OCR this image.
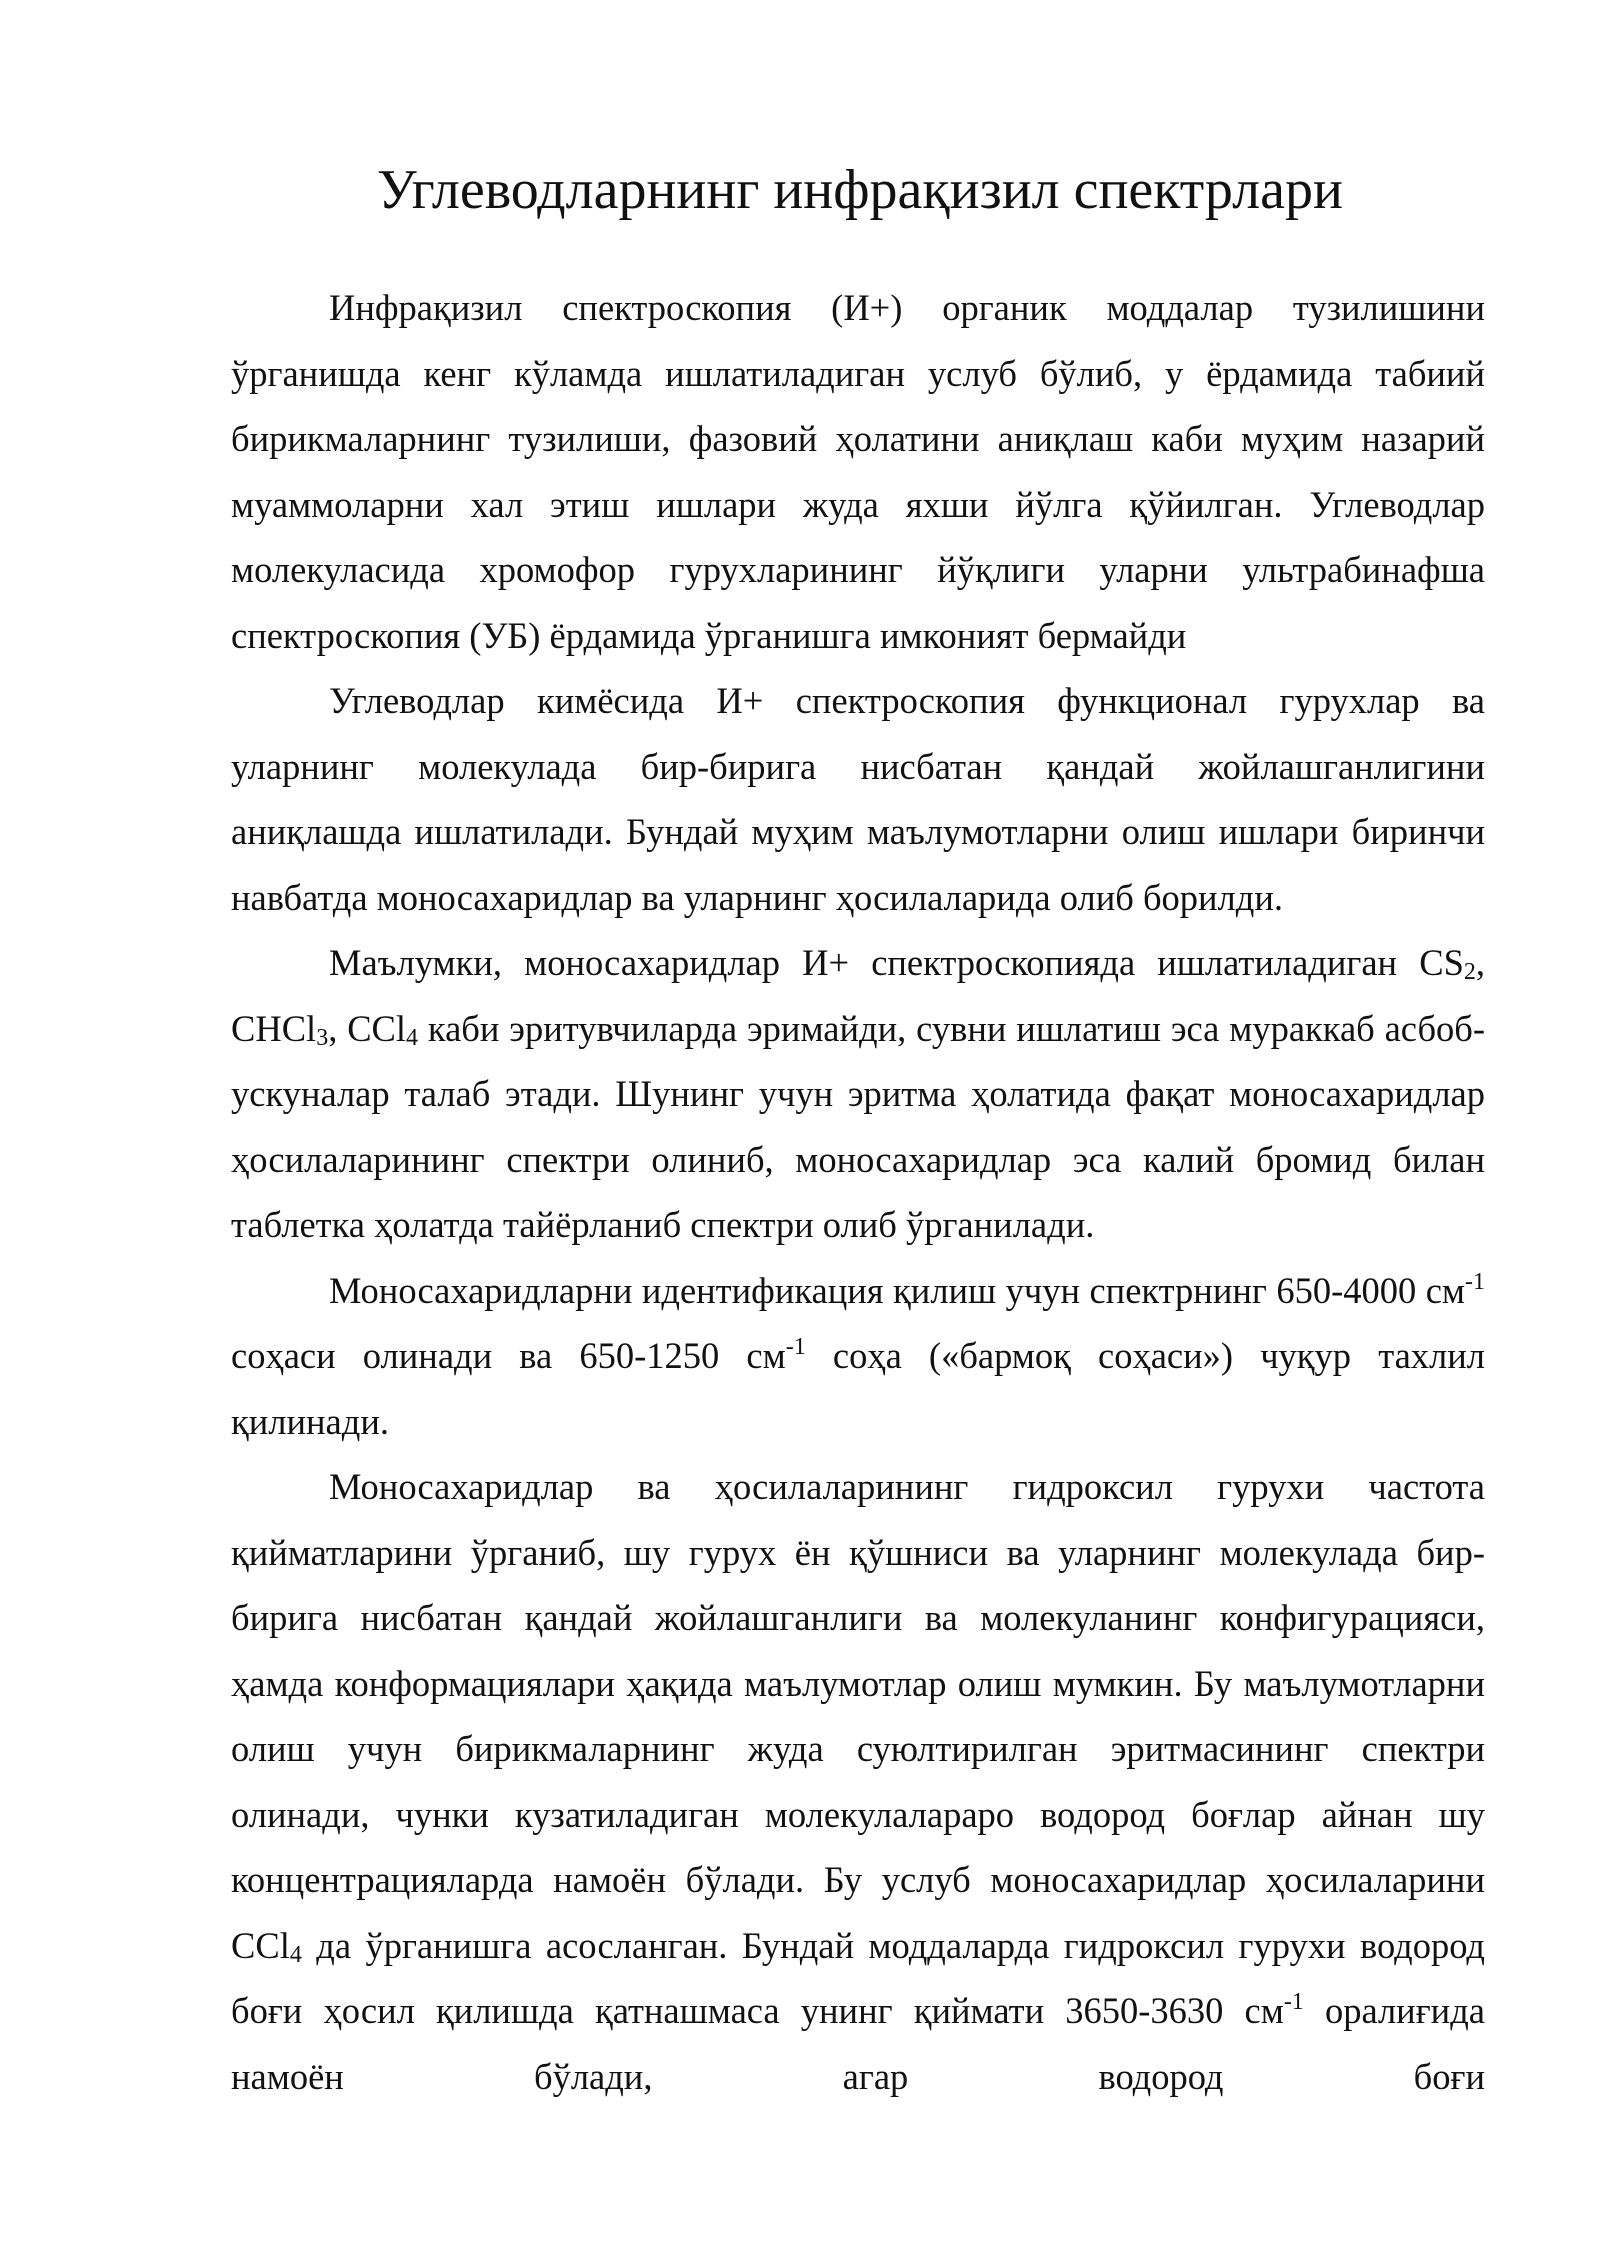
Углеводларнинг инфрақизил спектрлари

Инфрақизил спектроскопия (И+) органик моддалар тузилишини ўрганишда кенг кўламда ишлатиладиган услуб бўлиб, у ёрдамида табиий бирикмаларнинг тузилиши, фазовий ҳолатини аниқлаш каби муҳим назарий муаммоларни хал этиш ишлари жуда яхши йўлга қўйилган. Углеводлар молекуласида хромофор гурухларининг йўқлиги уларни ультрабинафша спектроскопия (УБ) ёрдамида ўрганишга имконият бермайди

Углеводлар кимёсида И+ спектроскопия функционал гурухлар ва уларнинг молекулада бир-бирига нисбатан қандай жойлашганлигини аниқлашда ишлатилади. Бундай муҳим маълумотларни олиш ишлари биринчи навбатда моносахаридлар ва уларнинг ҳосилаларида олиб борилди.

Маълумки, моносахаридлар И+ спектроскопияда ишлатиладиган $CS_2$, CHCl$_3$, CCl$_4$ каби эритувчиларда эримайди, сувни ишлатиш эса мураккаб асбоб-ускуналар талаб этади. Шунинг учун эритма ҳолатида фақат моносахаридлар ҳосилаларининг спектри олиниб, моносахаридлар эса калий бромид билан таблетка ҳолатда тайёрланиб спектри олиб ўрганилади.

Моносахаридларни идентификация қилиш учун спектрнинг 650-4000 $см^{-1}$ соҳаси олинади ва 650-1250 $см^{-1}$ соҳа («бармоқ соҳаси») чуқур тахлил қилинади.

Моносахаридлар ва ҳосилаларининг гидроксил гурухи частота қийматларини ўрганиб, шу гурух ён қўшниси ва уларнинг молекулада бир-бирига нисбатан қандай жойлашганлиги ва молекуланинг конфигурацияси, ҳамда конформациялари ҳақида маълумотлар олиш мумкин. Бу маълумотларни олиш учун бирикмаларнинг жуда суюлтирилган эритмасининг спектри олинади, чунки кузатиладиган молекулалараро водород боғлар айнан шу концентрацияларда намоён бўлади. Бу услуб моносахаридлар ҳосилаларини CCl$_4$ да ўрганишга асосланган. Бундай моддаларда гидроксил гурухи водород боғи ҳосил қилишда қатнашмаса унинг қиймати 3650-3630 $см^{-1}$ оралиғида намоён бўлади, агар водород боғи
